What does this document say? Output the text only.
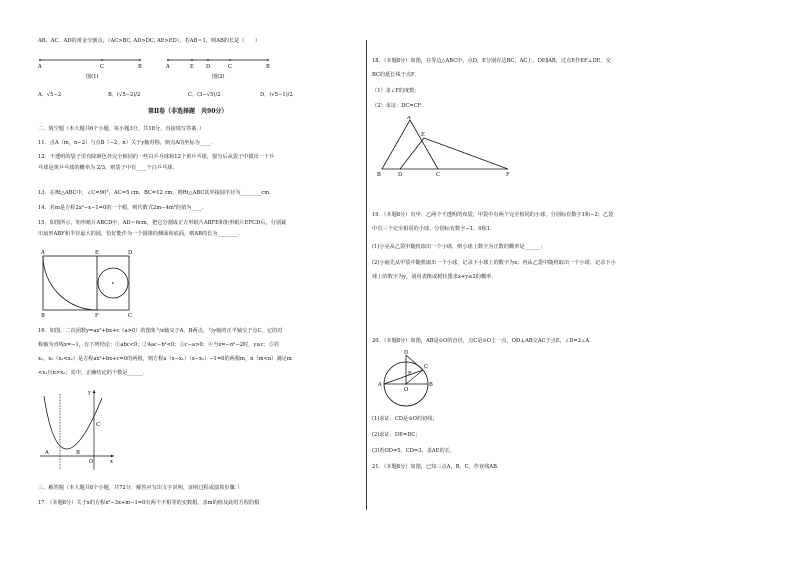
AB、AC、AD的黄金分割点，（AC>BC, AD>DC, AE>ED），若AB＝1，则AB的长是（　　）
A	C	B
图(1)
A	E D	C	B
图(2)
A．√5−2	B．(√5−2)/2	C．(3−√5)/2	D．(√5−1)/2
第Ⅱ卷（非选择题　共90分）
二、填空题（本大题共6个小题，每小题3分，共18分，直接填写答案．）
11．点A（m，n−2）与点B（−2，n）关于y轴对称，则点A的坐标为____．
12．不透明的袋子里有除颜色外完全相同的一些白乒乓球和12个黄乒乓球，搅匀后从袋子中摸出一个乒
乓球是黄乒乓球的概率为 2/3，则袋子中有____个白乒乓球．
13．在Rt△ABC中，∠C=90°，AC=5 cm，BC=12 cm，则Rt△ABC其外接圆半径为________cm．
14．若m是方程2x²−x−1=0的一个根，则代数式2m−4m²的值为____．
15．如图所示，矩形纸片ABCD中，AD＝6cm，把它分割成正方形纸片ABFE和矩形纸片EFCD后，分别裁
出扇形ABF和半径最大的圆，恰好能作为一个圆锥的侧面和底面，则AB的长为________．
A	E	D
B	F	C
16．如图，二次函数y=ax²+bx+c（a>0）的图象与x轴交于A，B两点，与y轴的正半轴交于点C，它的对
称轴为直线x=−1，有下列结论：①abc<0；②4ac−b²<0；③c−a>0；④当x=−n²−2时，y≥c；⑤若
x₁，x₂（x₁<x₂）是方程ax²+bx+c=0的两根，则方程a（x−x₁）（x−x₂）−1=0的两根m，n（m<n）满足m
<x₁且n>x₂；其中，正确结论的个数是______．
y
C
A
O
B
x
三、解答题（本大题共8个小题，共72分．解答应写出文字说明、证明过程或演算步骤．）
17．（本题8分）关于x的方程x²−3x+m−1=0有两个不相等的实数根，求m的值及此时方程的根
18．（本题8分）如图，在等边△ABC中，点D，E分别在边BC，AC上，DE∥AB，过点E作EF⊥DE，交
BC的延长线于点F．
（1）求∠F的度数；
（2）求证：DC=CF．
A
E
B	D	C	F
19．（本题8分）有甲、乙两个不透明的布袋，甲袋中有两个完全相同的小球，分别标有数字1和−2；乙袋
中有三个完全相同的小球，分别标有数字−1，0和1．
(1)小亮从乙袋中随机取出一个小球，则小球上数字为正数的概率是______；
(2)小丽先从甲袋中随机取出一个小球，记录下小球上的数字为x；再从乙袋中随机取出一个小球，记录下小
球上的数字为y，请用表格或树状图求x+y≤2的概率．
20．（本题8分）如图，AB是⊙O的直径，点C是⊙O上一点，OD⊥AB交AC于点E，∠D=2∠A．
D
C
E
A
O
B
(1)求证：CD是⊙O的切线；
(2)求证：DE=DC；
(3)若OD=5，CD=3，求AE的长．
21．（本题8分）如图，已知三点A，B，C，作直线AB．
